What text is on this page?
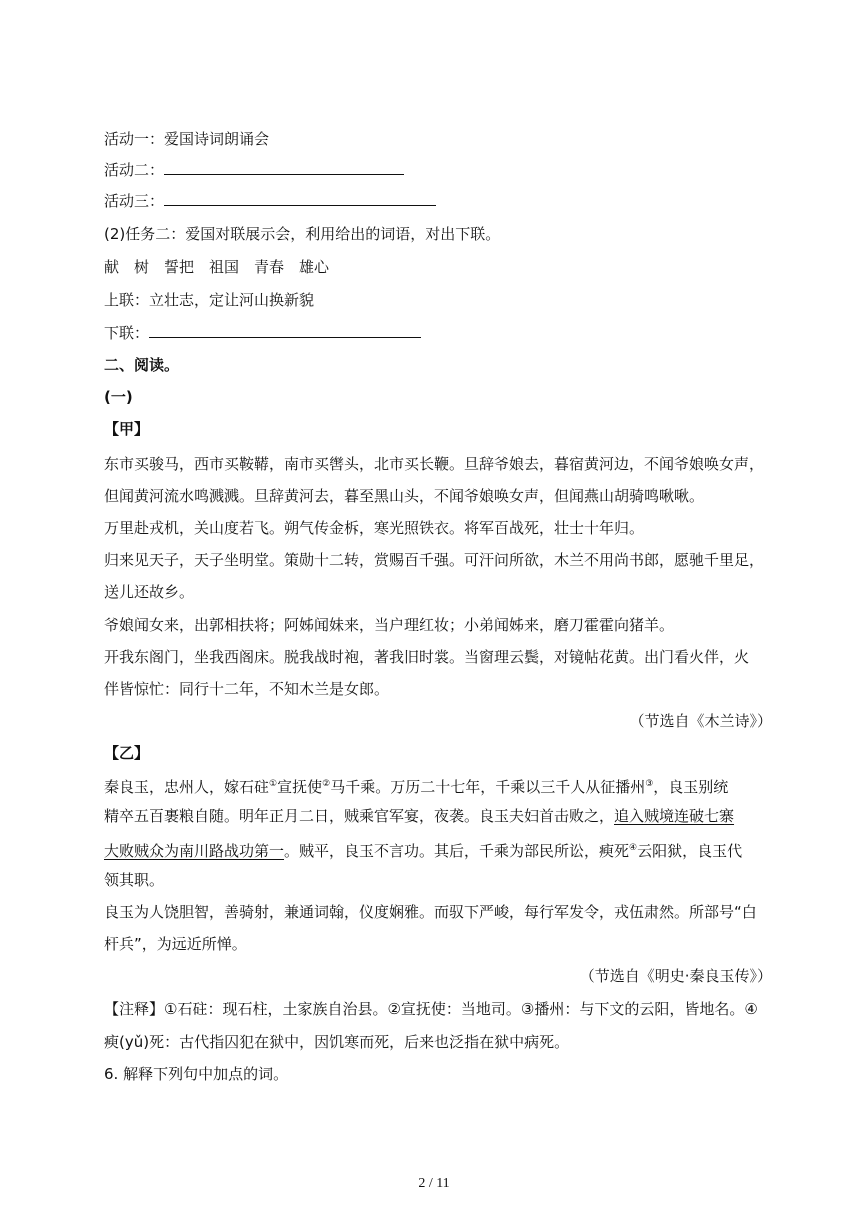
活动一：爱国诗词朗诵会
活动二：
活动三：
(2)任务二：爱国对联展示会，利用给出的词语，对出下联。
献　树　誓把　祖国　青春　雄心
上联：立壮志，定让河山换新貌
下联：
二、阅读。
(一)
【甲】
东市买骏马，西市买鞍鞯，南市买辔头，北市买长鞭。旦辞爷娘去，暮宿黄河边，不闻爷娘唤女声，
但闻黄河流水鸣溅溅。旦辞黄河去，暮至黑山头，不闻爷娘唤女声，但闻燕山胡骑鸣啾啾。
万里赴戎机，关山度若飞。朔气传金柝，寒光照铁衣。将军百战死，壮士十年归。
归来见天子，天子坐明堂。策勋十二转，赏赐百千强。可汗问所欲，木兰不用尚书郎，愿驰千里足，
送儿还故乡。
爷娘闻女来，出郭相扶将；阿姊闻妹来，当户理红妆；小弟闻姊来，磨刀霍霍向猪羊。
开我东阁门，坐我西阁床。脱我战时袍，著我旧时裳。当窗理云鬓，对镜帖花黄。出门看火伴，火
伴皆惊忙：同行十二年，不知木兰是女郎。
（节选自《木兰诗》）
【乙】
秦良玉，忠州人，嫁石砫①宣抚使②马千乘。万历二十七年，千乘以三千人从征播州③，良玉别统
精卒五百裹粮自随。明年正月二日，贼乘官军宴，夜袭。良玉夫妇首击败之，追入贼境连破七寨
大败贼众为南川路战功第一。贼平，良玉不言功。其后，千乘为部民所讼，瘐死④云阳狱，良玉代
领其职。
良玉为人饶胆智，善骑射，兼通词翰，仪度娴雅。而驭下严峻，每行军发令，戎伍肃然。所部号“白
杆兵”，为远近所惮。
（节选自《明史·秦良玉传》）
【注释】①石砫：现石柱，土家族自治县。②宣抚使：当地司。③播州：与下文的云阳，皆地名。④
瘐(yǔ)死：古代指囚犯在狱中，因饥寒而死，后来也泛指在狱中病死。
6. 解释下列句中加点的词。
2 / 11
